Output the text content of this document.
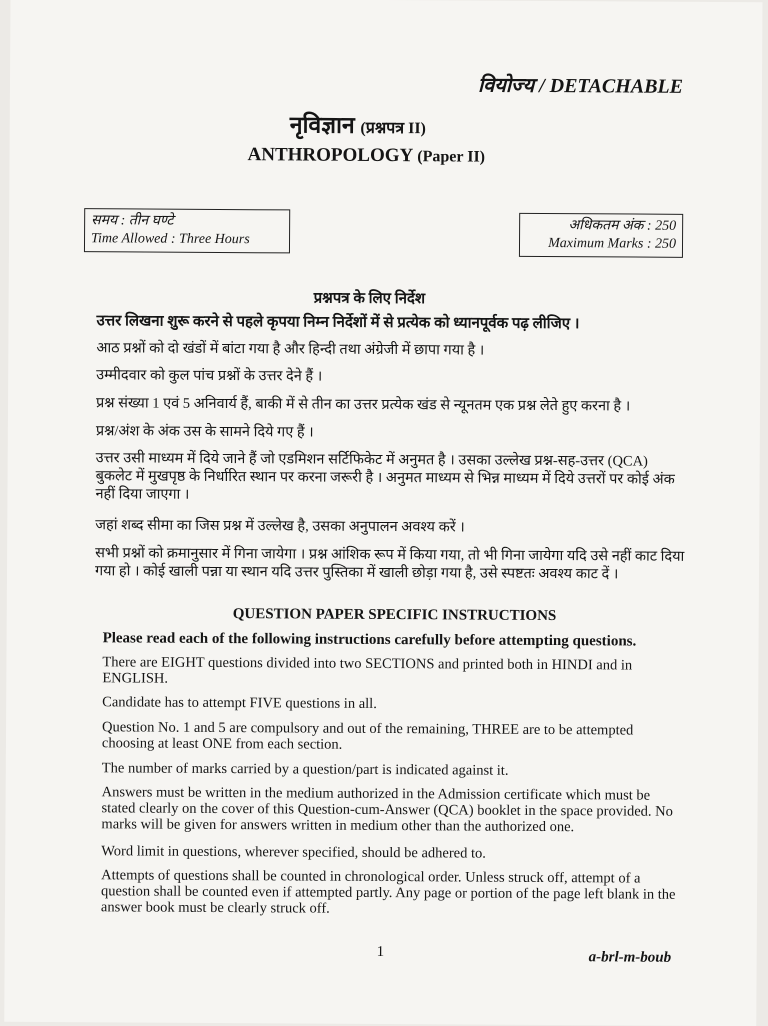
वियोज्य / DETACHABLE
नृविज्ञान (प्रश्नपत्र II)
ANTHROPOLOGY (Paper II)
समय : तीन घण्टे
Time Allowed : Three Hours
अधिकतम अंक : 250
Maximum Marks : 250
प्रश्नपत्र के लिए निर्देश
उत्तर लिखना शुरू करने से पहले कृपया निम्न निर्देशों में से प्रत्येक को ध्यानपूर्वक पढ़ लीजिए ।
आठ प्रश्नों को दो खंडों में बांटा गया है और हिन्दी तथा अंग्रेजी में छापा गया है ।
उम्मीदवार को कुल पांच प्रश्नों के उत्तर देने हैं ।
प्रश्न संख्या 1 एवं 5 अनिवार्य हैं, बाकी में से तीन का उत्तर प्रत्येक खंड से न्यूनतम एक प्रश्न लेते हुए करना है ।
प्रश्न/अंश के अंक उस के सामने दिये गए हैं ।
उत्तर उसी माध्यम में दिये जाने हैं जो एडमिशन सर्टिफिकेट में अनुमत है । उसका उल्लेख प्रश्न-सह-उत्तर (QCA) बुकलेट में मुखपृष्ठ के निर्धारित स्थान पर करना जरूरी है । अनुमत माध्यम से भिन्न माध्यम में दिये उत्तरों पर कोई अंक नहीं दिया जाएगा ।
जहां शब्द सीमा का जिस प्रश्न में उल्लेख है, उसका अनुपालन अवश्य करें ।
सभी प्रश्नों को क्रमानुसार में गिना जायेगा । प्रश्न आंशिक रूप में किया गया, तो भी गिना जायेगा यदि उसे नहीं काट दिया गया हो । कोई खाली पन्ना या स्थान यदि उत्तर पुस्तिका में खाली छोड़ा गया है, उसे स्पष्टतः अवश्य काट दें ।
QUESTION PAPER SPECIFIC INSTRUCTIONS
Please read each of the following instructions carefully before attempting questions.
There are EIGHT questions divided into two SECTIONS and printed both in HINDI and in ENGLISH.
Candidate has to attempt FIVE questions in all.
Question No. 1 and 5 are compulsory and out of the remaining, THREE are to be attempted choosing at least ONE from each section.
The number of marks carried by a question/part is indicated against it.
Answers must be written in the medium authorized in the Admission certificate which must be stated clearly on the cover of this Question-cum-Answer (QCA) booklet in the space provided. No marks will be given for answers written in medium other than the authorized one.
Word limit in questions, wherever specified, should be adhered to.
Attempts of questions shall be counted in chronological order. Unless struck off, attempt of a question shall be counted even if attempted partly. Any page or portion of the page left blank in the answer book must be clearly struck off.
1	a-brl-m-boub
